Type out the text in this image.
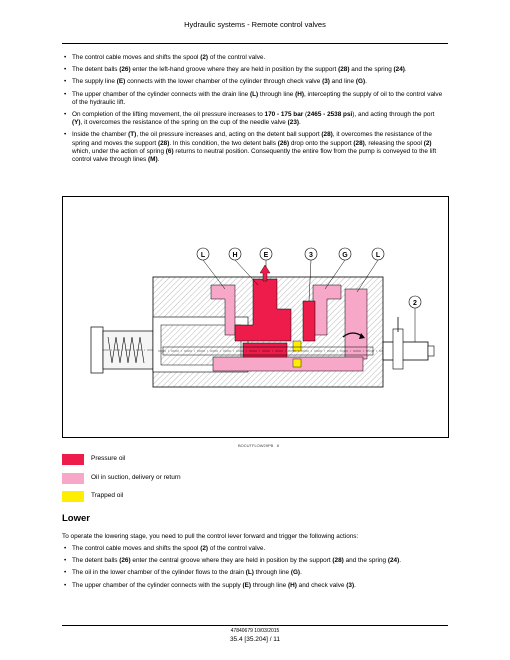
Hydraulic systems - Remote control valves
• The control cable moves and shifts the spool (2) of the control valve.
• The detent balls (26) enter the left-hand groove where they are held in position by the support (28) and the spring (24).
• The supply line (E) connects with the lower chamber of the cylinder through check valve (3) and line (G).
• The upper chamber of the cylinder connects with the drain line (L) through line (H), intercepting the supply of oil to the control valve of the hydraulic lift.
• On completion of the lifting movement, the oil pressure increases to 170 - 175 bar (2465 - 2538 psi), and acting through the port (Y), it overcomes the resistance of the spring on the cup of the needle valve (23).
• Inside the chamber (T), the oil pressure increases and, acting on the detent ball support (28), it overcomes the resistance of the spring and moves the support (28). In this condition, the two detent balls (26) drop onto the support (28), releasing the spool (2) which, under the action of spring (6) returns to neutral position. Consequently the entire flow from the pump is conveyed to the lift control valve through lines (M).
L	H	E	3	G	L
2
BOCUTFLOW29PB 8
Pressure oil
Oil in suction, delivery or return
Trapped oil
Lower
To operate the lowering stage, you need to pull the control lever forward and trigger the following actions:
• The control cable moves and shifts the spool (2) of the control valve.
• The detent balls (26) enter the central groove where they are held in position by the support (28) and the spring (24).
• The oil in the lower chamber of the cylinder flows to the drain (L) through line (G).
• The upper chamber of the cylinder connects with the supply (E) through line (H) and check valve (3).
47840679 10/03/2015
35.4 [35.204] / 11
